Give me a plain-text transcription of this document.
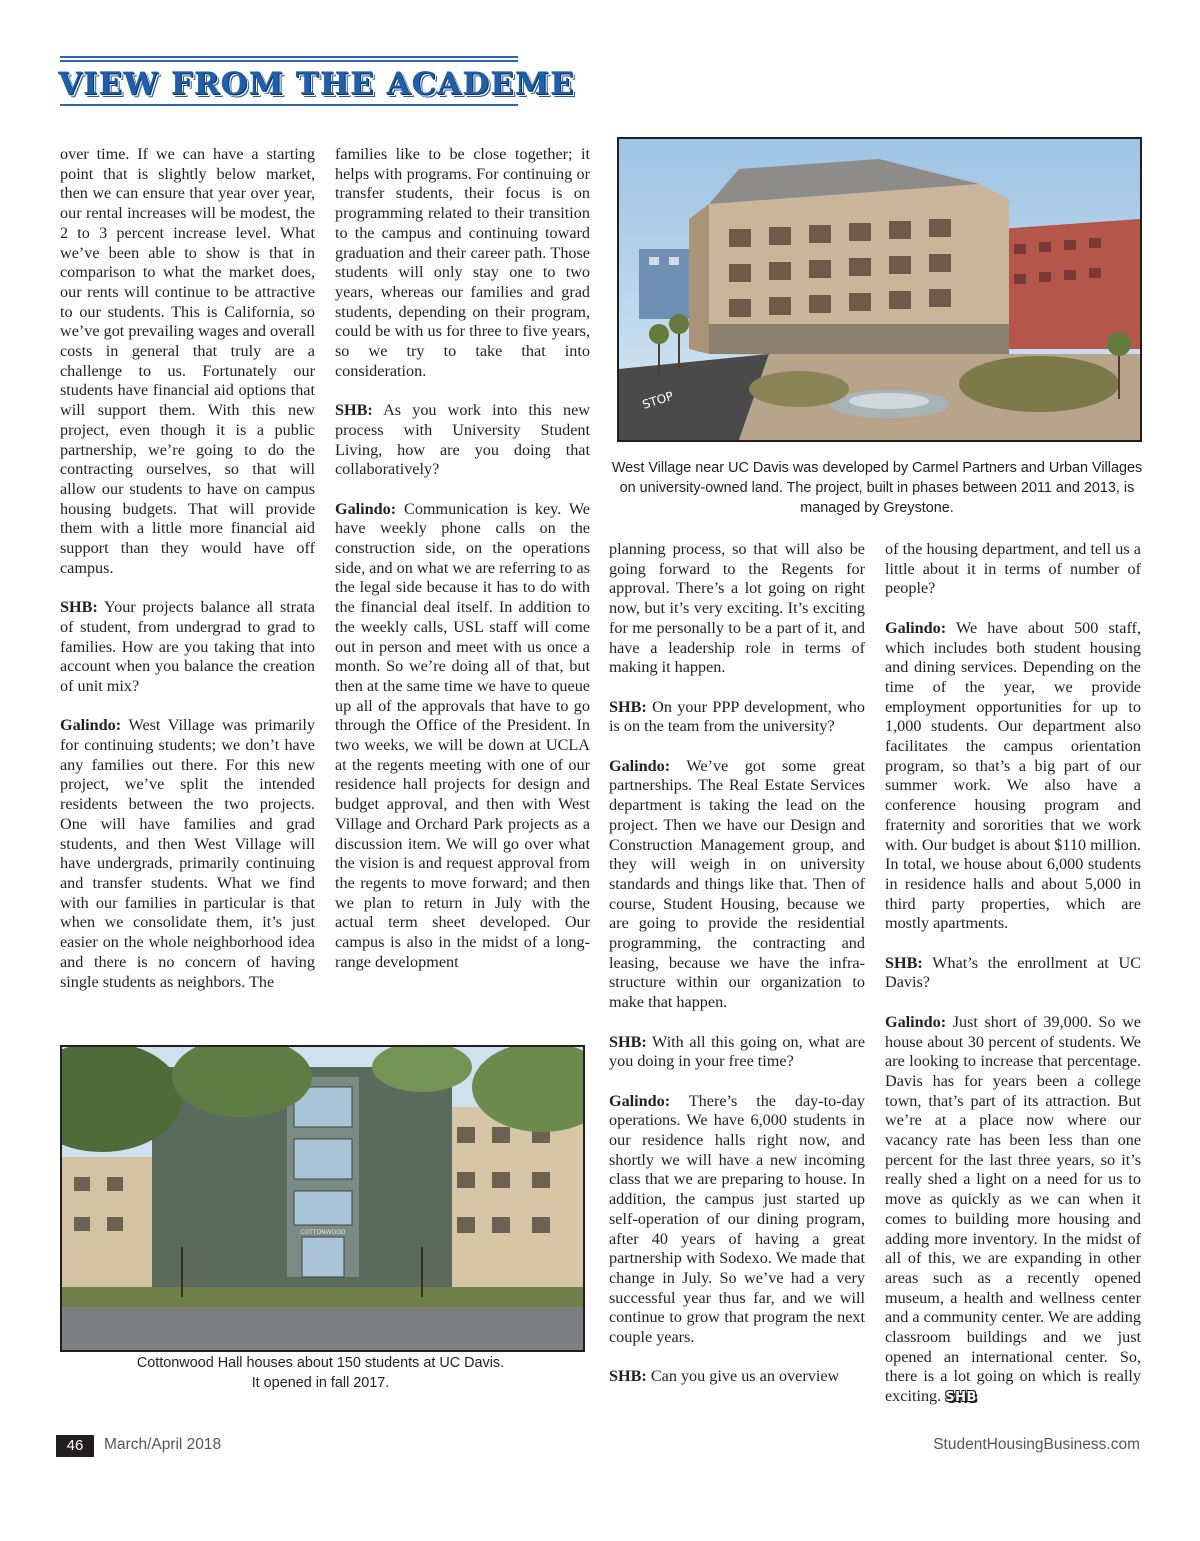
VIEW FROM THE ACADEME

over time. If we can have a starting point that is slightly below market, then we can ensure that year over year, our rental increases will be modest, the 2 to 3 percent increase level. What we’ve been able to show is that in comparison to what the market does, our rents will continue to be attractive to our students. This is California, so we’ve got prevailing wages and overall costs in general that truly are a challenge to us. Fortunately our students have financial aid options that will support them. With this new project, even though it is a public partnership, we’re going to do the contracting ourselves, so that will allow our students to have on campus housing budgets. That will provide them with a little more financial aid support than they would have off campus.

SHB: Your projects balance all strata of student, from undergrad to grad to families. How are you taking that into account when you balance the creation of unit mix?

Galindo: West Village was primarily for continuing students; we don’t have any families out there. For this new project, we’ve split the intended residents between the two projects. One will have families and grad students, and then West Village will have undergrads, primarily continuing and transfer students. What we find with our families in particular is that when we consolidate them, it’s just easier on the whole neighborhood idea and there is no concern of having single students as neighbors. The

families like to be close together; it helps with programs. For continuing or transfer students, their focus is on programming related to their transition to the campus and continuing toward graduation and their career path. Those students will only stay one to two years, whereas our families and grad students, depending on their program, could be with us for three to five years, so we try to take that into consideration.

SHB: As you work into this new process with University Student Living, how are you doing that collaboratively?

Galindo: Communication is key. We have weekly phone calls on the construction side, on the operations side, and on what we are referring to as the legal side because it has to do with the financial deal itself. In addition to the weekly calls, USL staff will come out in person and meet with us once a month. So we’re doing all of that, but then at the same time we have to queue up all of the approvals that have to go through the Office of the President. In two weeks, we will be down at UCLA at the regents meeting with one of our residence hall projects for design and budget approval, and then with West Village and Orchard Park projects as a discussion item. We will go over what the vision is and request approval from the regents to move forward; and then we plan to return in July with the actual term sheet developed. Our campus is also in the midst of a long-range development

planning process, so that will also be going forward to the Regents for approval. There’s a lot going on right now, but it’s very exciting. It’s exciting for me personally to be a part of it, and have a leadership role in terms of making it happen.

SHB: On your PPP development, who is on the team from the university?

Galindo: We’ve got some great partnerships. The Real Estate Services department is taking the lead on the project. Then we have our Design and Construction Management group, and they will weigh in on university standards and things like that. Then of course, Student Housing, because we are going to provide the residential programming, the contracting and leasing, because we have the infrastructure within our organization to make that happen.

SHB: With all this going on, what are you doing in your free time?

Galindo: There’s the day-to-day operations. We have 6,000 students in our residence halls right now, and shortly we will have a new incoming class that we are preparing to house. In addition, the campus just started up self-operation of our dining program, after 40 years of having a great partnership with Sodexo. We made that change in July. So we’ve had a very successful year thus far, and we will continue to grow that program the next couple years.

SHB: Can you give us an overview

of the housing department, and tell us a little about it in terms of number of people?

Galindo: We have about 500 staff, which includes both student housing and dining services. Depending on the time of the year, we provide employment opportunities for up to 1,000 students. Our department also facilitates the campus orientation program, so that’s a big part of our summer work. We also have a conference housing program and fraternity and sororities that we work with. Our budget is about $110 million. In total, we house about 6,000 students in residence halls and about 5,000 in third party properties, which are mostly apartments.

SHB: What’s the enrollment at UC Davis?

Galindo: Just short of 39,000. So we house about 30 percent of students. We are looking to increase that percentage. Davis has for years been a college town, that’s part of its attraction. But we’re at a place now where our vacancy rate has been less than one percent for the last three years, so it’s really shed a light on a need for us to move as quickly as we can when it comes to building more housing and adding more inventory. In the midst of all of this, we are expanding in other areas such as a recently opened museum, a health and wellness center and a community center. We are adding classroom buildings and we just opened an international center. So, there is a lot going on which is really exciting. SHB

STOP
West Village near UC Davis was developed by Carmel Partners and Urban Villages on university-owned land. The project, built in phases between 2011 and 2013, is managed by Greystone.
COTTONWOOD
Cottonwood Hall houses about 150 students at UC Davis.
It opened in fall 2017.
46	March/April 2018	StudentHousingBusiness.com
